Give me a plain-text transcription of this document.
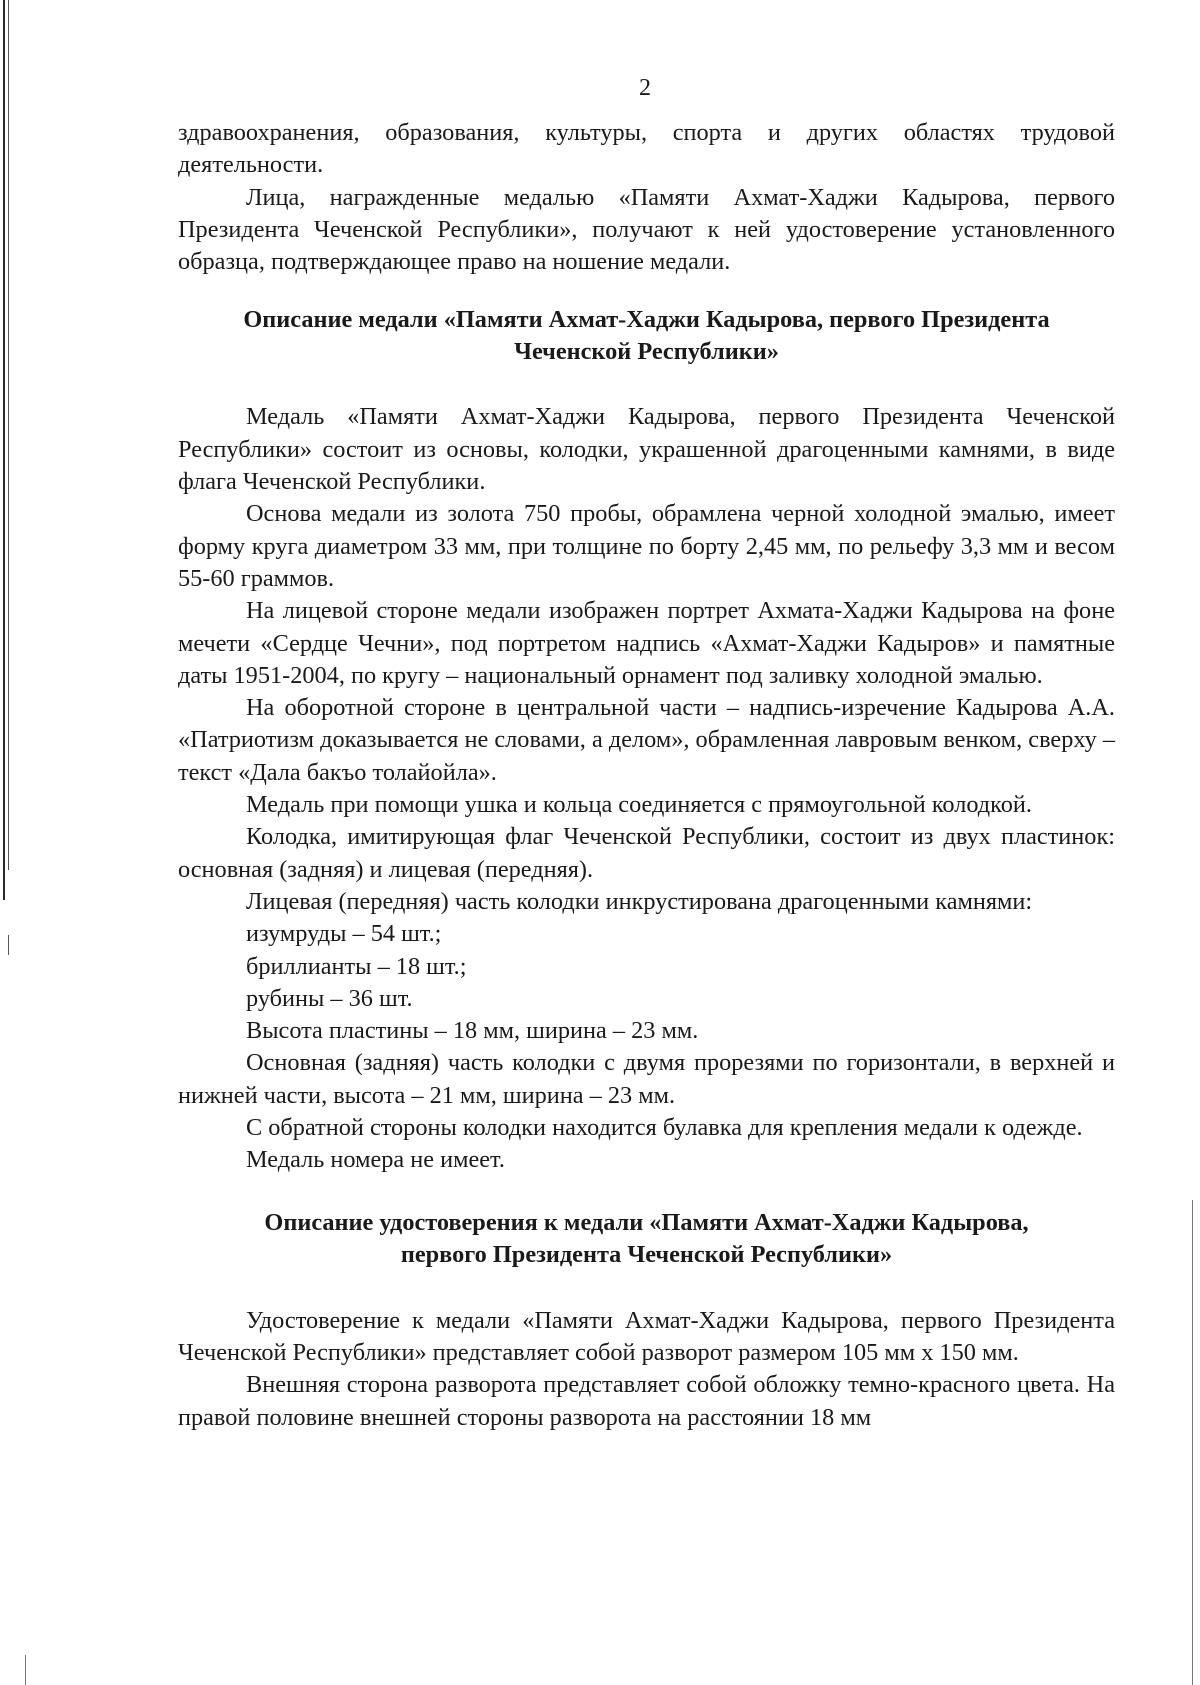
2

здравоохранения, образования, культуры, спорта и других областях трудовой деятельности.

Лица, награжденные медалью «Памяти Ахмат-Хаджи Кадырова, первого Президента Чеченской Республики», получают к ней удостоверение установленного образца, подтверждающее право на ношение медали.

Описание медали «Памяти Ахмат-Хаджи Кадырова, первого Президента
Чеченской Республики»

Медаль «Памяти Ахмат-Хаджи Кадырова, первого Президента Чеченской Республики» состоит из основы, колодки, украшенной драгоценными камнями, в виде флага Чеченской Республики.

Основа медали из золота 750 пробы, обрамлена черной холодной эмалью, имеет форму круга диаметром 33 мм, при толщине по борту 2,45 мм, по рельефу 3,3 мм и весом 55-60 граммов.

На лицевой стороне медали изображен портрет Ахмата-Хаджи Кадырова на фоне мечети «Сердце Чечни», под портретом надпись «Ахмат-Хаджи Кадыров» и памятные даты 1951-2004, по кругу – национальный орнамент под заливку холодной эмалью.

На оборотной стороне в центральной части – надпись-изречение Кадырова А.А. «Патриотизм доказывается не словами, а делом», обрамленная лавровым венком, сверху – текст «Дала бакъо толайойла».

Медаль при помощи ушка и кольца соединяется с прямоугольной колодкой.

Колодка, имитирующая флаг Чеченской Республики, состоит из двух пластинок: основная (задняя) и лицевая (передняя).

Лицевая (передняя) часть колодки инкрустирована драгоценными камнями:

изумруды – 54 шт.;

бриллианты – 18 шт.;

рубины – 36 шт.

Высота пластины – 18 мм, ширина – 23 мм.

Основная (задняя) часть колодки с двумя прорезями по горизонтали, в верхней и нижней части, высота – 21 мм, ширина – 23 мм.

С обратной стороны колодки находится булавка для крепления медали к одежде.

Медаль номера не имеет.

Описание удостоверения к медали «Памяти Ахмат-Хаджи Кадырова,
первого Президента Чеченской Республики»

Удостоверение к медали «Памяти Ахмат-Хаджи Кадырова, первого Президента Чеченской Республики» представляет собой разворот размером 105 мм х 150 мм.

Внешняя сторона разворота представляет собой обложку темно-красного цвета. На правой половине внешней стороны разворота на расстоянии 18 мм
